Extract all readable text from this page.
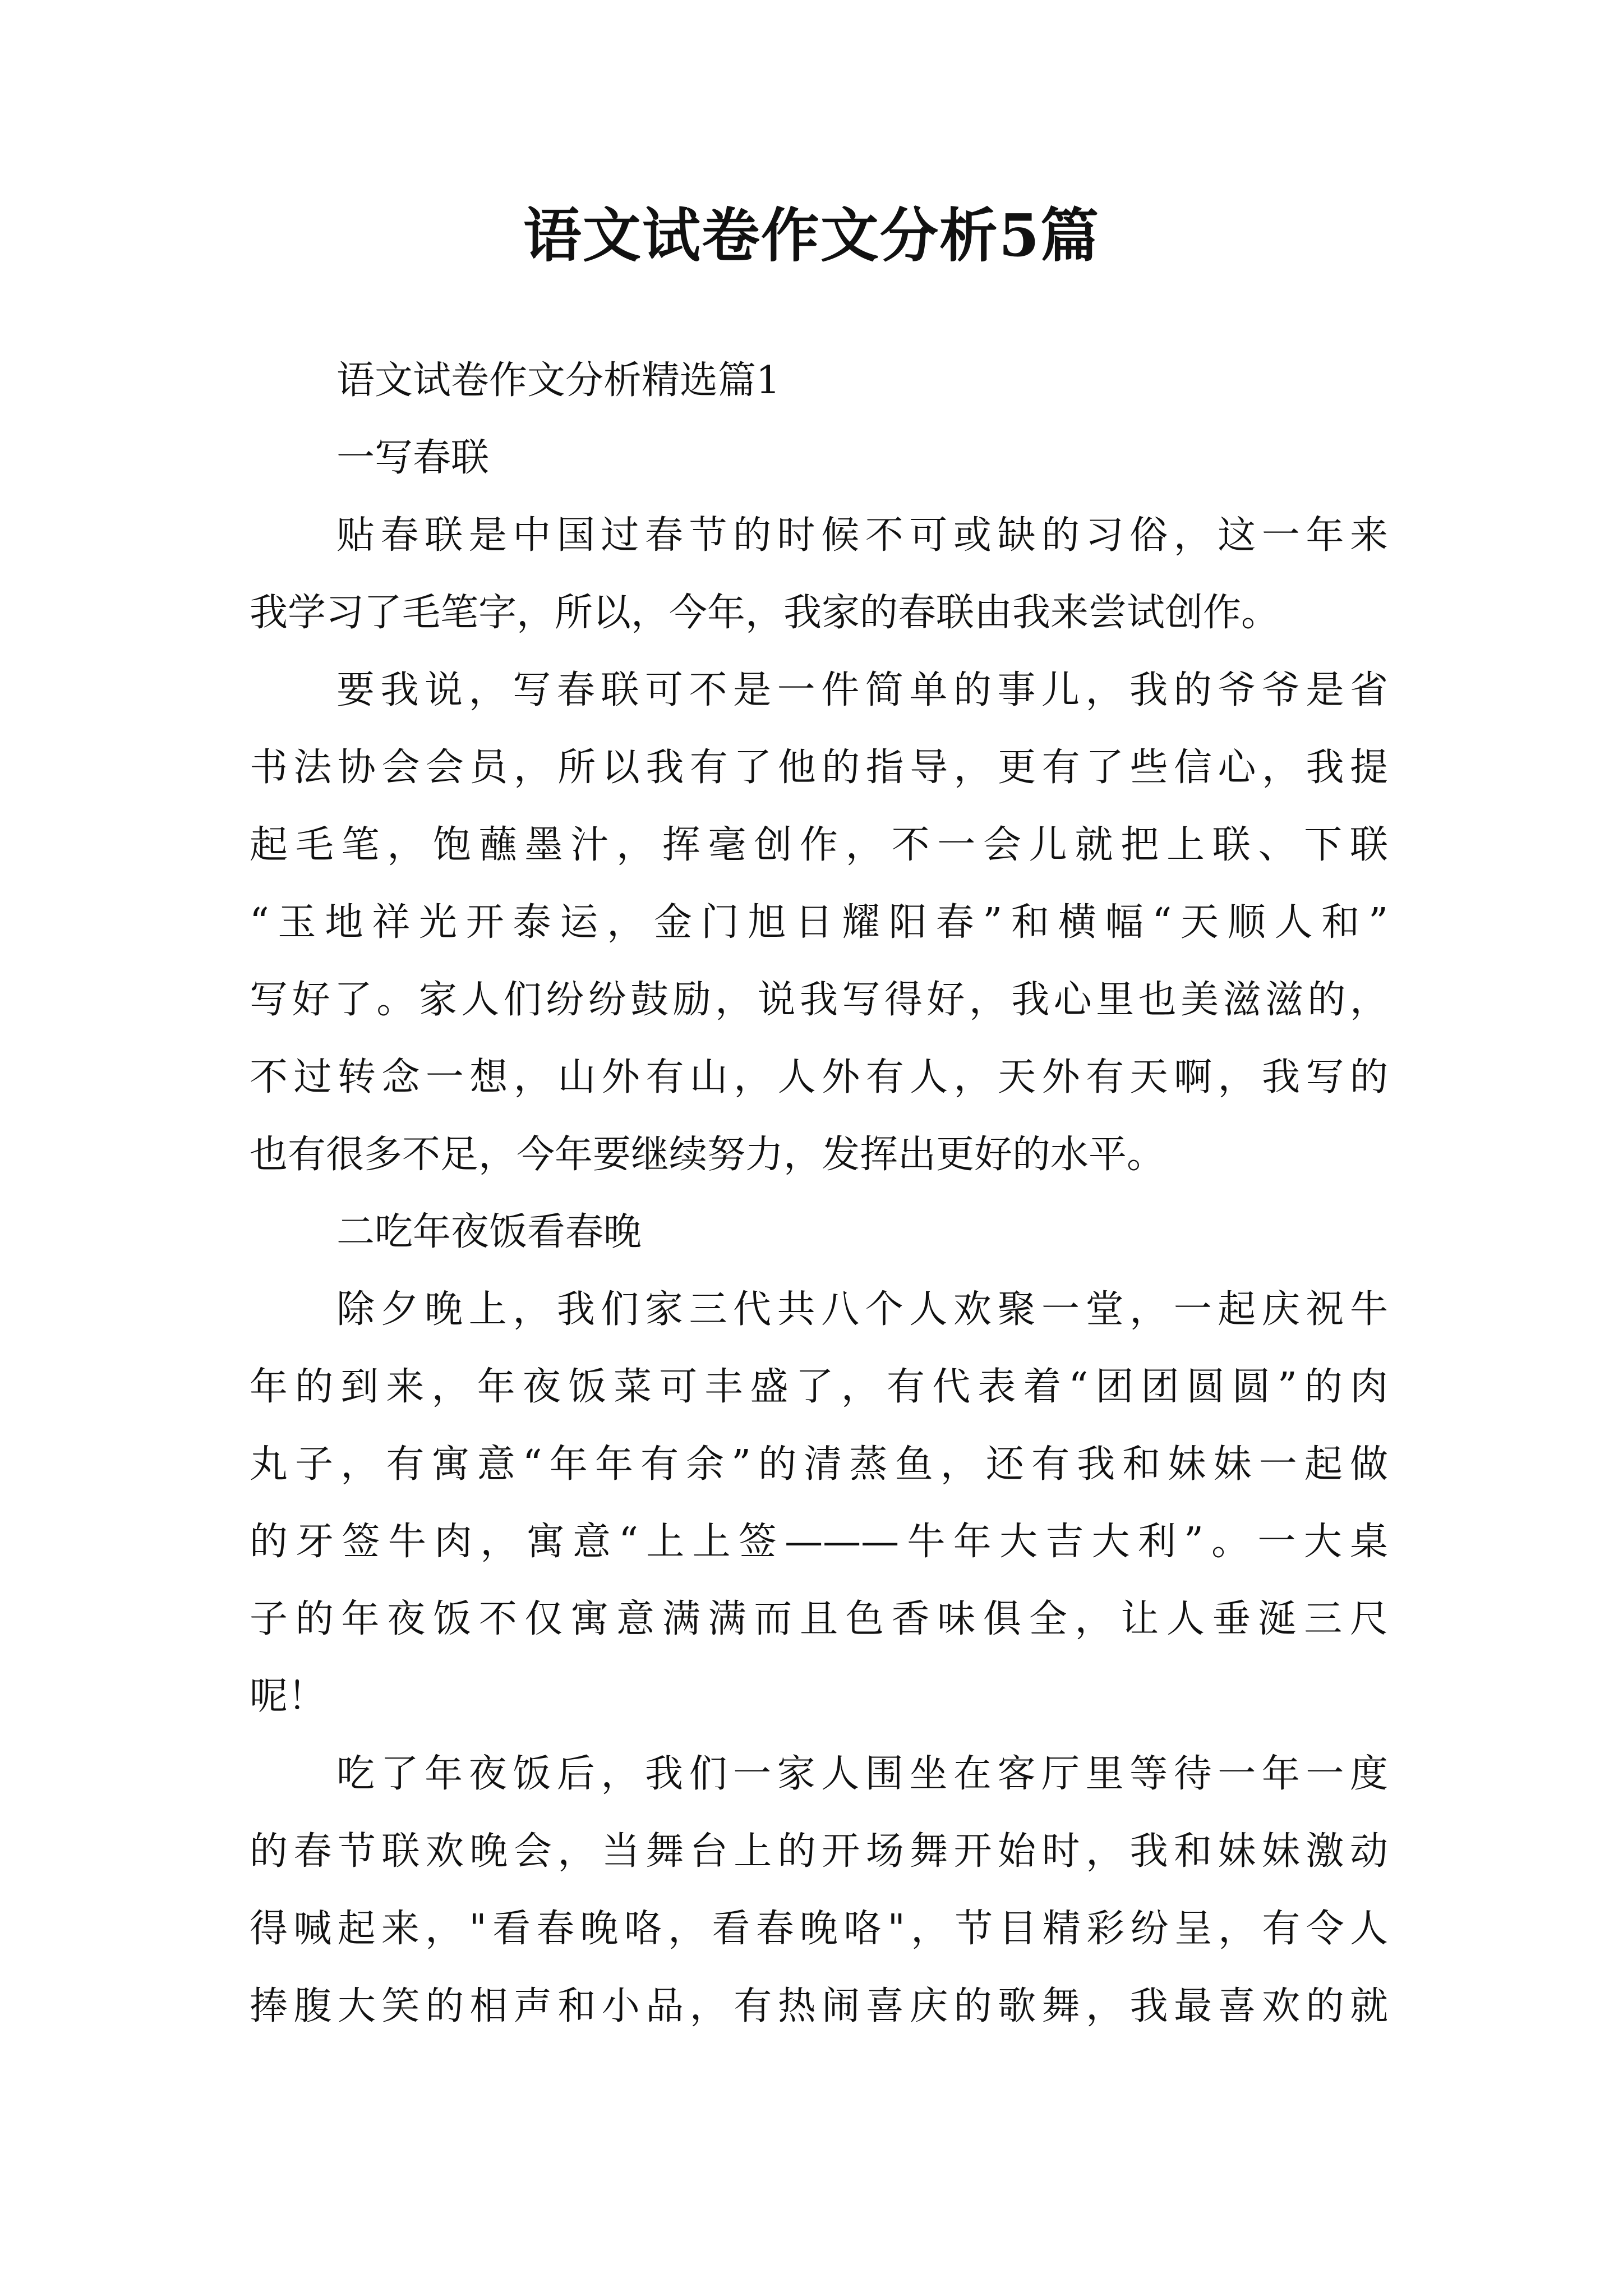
语文试卷作文分析5篇
语文试卷作文分析精选篇1
一写春联
贴春联是中国过春节的时候不可或缺的习俗，这一年来
我学习了毛笔字，所以，今年，我家的春联由我来尝试创作。
要我说，写春联可不是一件简单的事儿，我的爷爷是省
书法协会会员，所以我有了他的指导，更有了些信心，我提
起毛笔，饱蘸墨汁，挥毫创作，不一会儿就把上联、下联
“玉地祥光开泰运，金门旭日耀阳春”和横幅“天顺人和”
写好了。家人们纷纷鼓励，说我写得好，我心里也美滋滋的，
不过转念一想，山外有山，人外有人，天外有天啊，我写的
也有很多不足，今年要继续努力，发挥出更好的水平。
二吃年夜饭看春晚
除夕晚上，我们家三代共八个人欢聚一堂，一起庆祝牛
年的到来，年夜饭菜可丰盛了，有代表着“团团圆圆”的肉
丸子，有寓意“年年有余”的清蒸鱼，还有我和妹妹一起做
的牙签牛肉，寓意“上上签———牛年大吉大利”。一大桌
子的年夜饭不仅寓意满满而且色香味俱全，让人垂涎三尺
呢！
吃了年夜饭后，我们一家人围坐在客厅里等待一年一度
的春节联欢晚会，当舞台上的开场舞开始时，我和妹妹激动
得喊起来，"看春晚咯，看春晚咯"，节目精彩纷呈，有令人
捧腹大笑的相声和小品，有热闹喜庆的歌舞，我最喜欢的就
